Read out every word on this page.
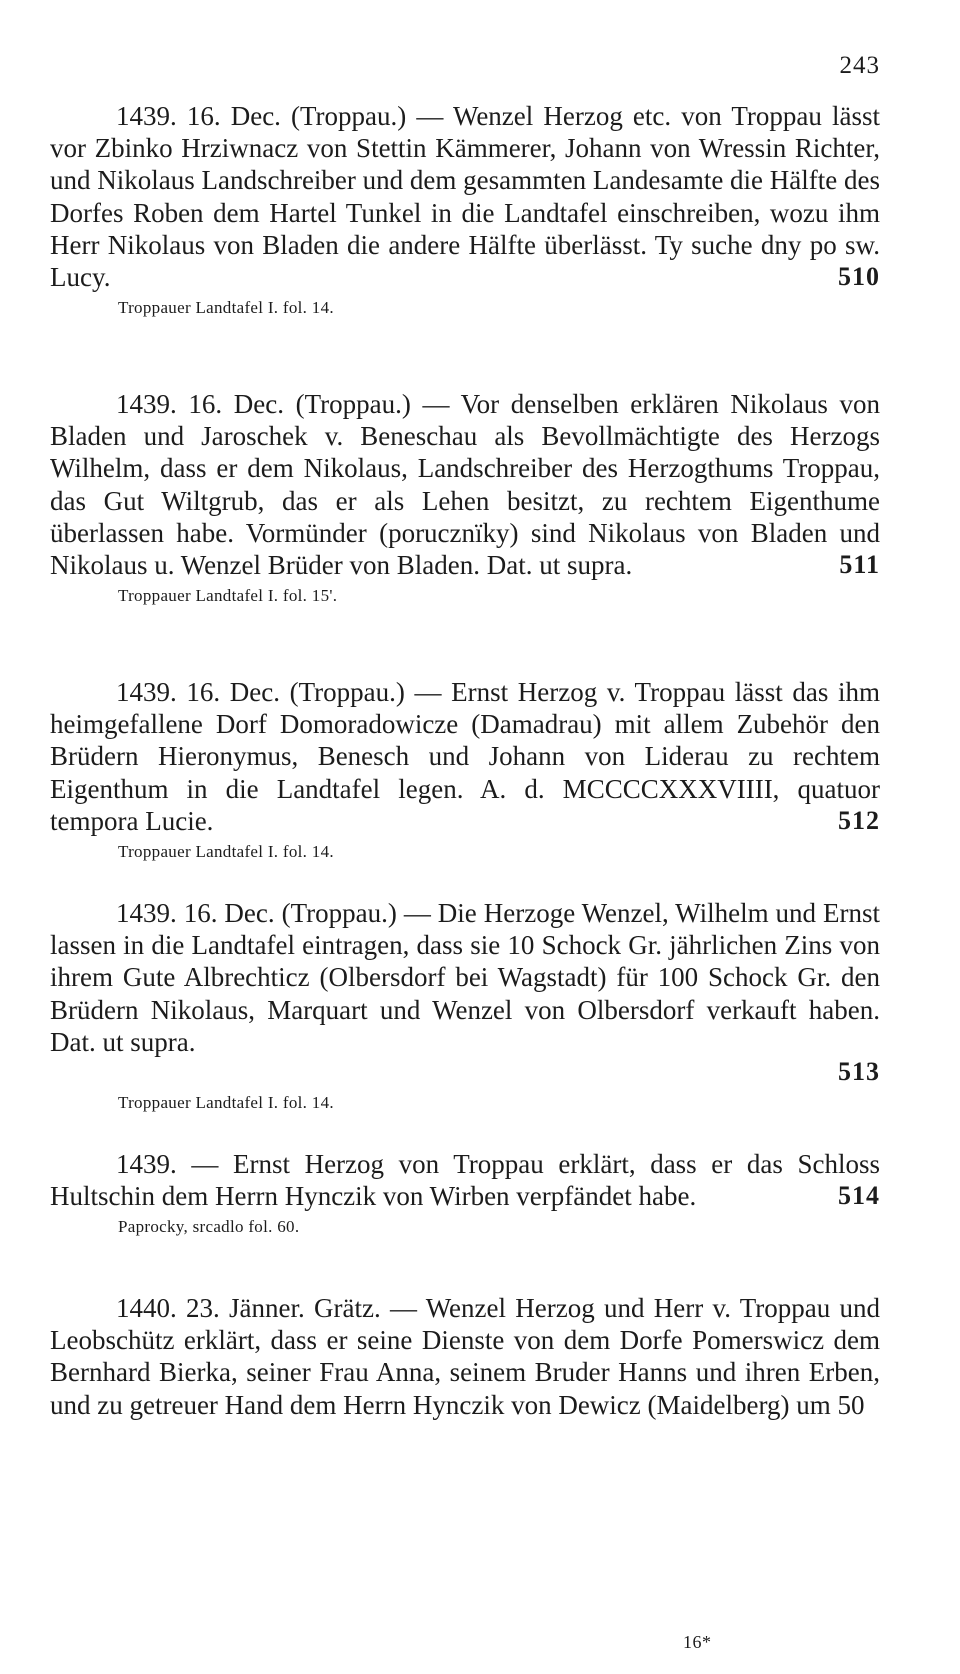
243

1439. 16. Dec. (Troppau.) — Wenzel Herzog etc. von Troppau lässt vor Zbinko Hrziwnacz von Stettin Kämmerer, Johann von Wressin Richter, und Nikolaus Landschreiber und dem gesammten Landesamte die Hälfte des Dorfes Roben dem Hartel Tunkel in die Landtafel einschreiben, wozu ihm Herr Nikolaus von Bladen die andere Hälfte überlässt. Ty suche dny po sw. Lucy.	510

Troppauer Landtafel I. fol. 14.

1439. 16. Dec. (Troppau.) — Vor denselben erklären Nikolaus von Bladen und Jaroschek v. Beneschau als Bevollmächtigte des Herzogs Wilhelm, dass er dem Nikolaus, Landschreiber des Herzogthums Troppau, das Gut Wiltgrub, das er als Lehen besitzt, zu rechtem Eigenthume überlassen habe. Vormünder (porucznïky) sind Nikolaus von Bladen und Nikolaus u. Wenzel Brüder von Bladen. Dat. ut supra.	511

Troppauer Landtafel I. fol. 15'.

1439. 16. Dec. (Troppau.) — Ernst Herzog v. Troppau lässt das ihm heimgefallene Dorf Domoradowicze (Damadrau) mit allem Zubehör den Brüdern Hieronymus, Benesch und Johann von Liderau zu rechtem Eigenthum in die Landtafel legen. A. d. MCCCCXXXVIIII, quatuor tempora Lucie.	512

Troppauer Landtafel I. fol. 14.

1439. 16. Dec. (Troppau.) — Die Herzoge Wenzel, Wilhelm und Ernst lassen in die Landtafel eintragen, dass sie 10 Schock Gr. jährlichen Zins von ihrem Gute Albrechticz (Olbersdorf bei Wagstadt) für 100 Schock Gr. den Brüdern Nikolaus, Marquart und Wenzel von Olbersdorf verkauft haben. Dat. ut supra.

513
Troppauer Landtafel I. fol. 14.

1439. — Ernst Herzog von Troppau erklärt, dass er das Schloss Hultschin dem Herrn Hynczik von Wirben verpfändet habe.	514

Paprocky, srcadlo fol. 60.

1440. 23. Jänner. Grätz. — Wenzel Herzog und Herr v. Troppau und Leobschütz erklärt, dass er seine Dienste von dem Dorfe Pomerswicz dem Bernhard Bierka, seiner Frau Anna, seinem Bruder Hanns und ihren Erben, und zu getreuer Hand dem Herrn Hynczik von Dewicz (Maidelberg) um 50

16*
